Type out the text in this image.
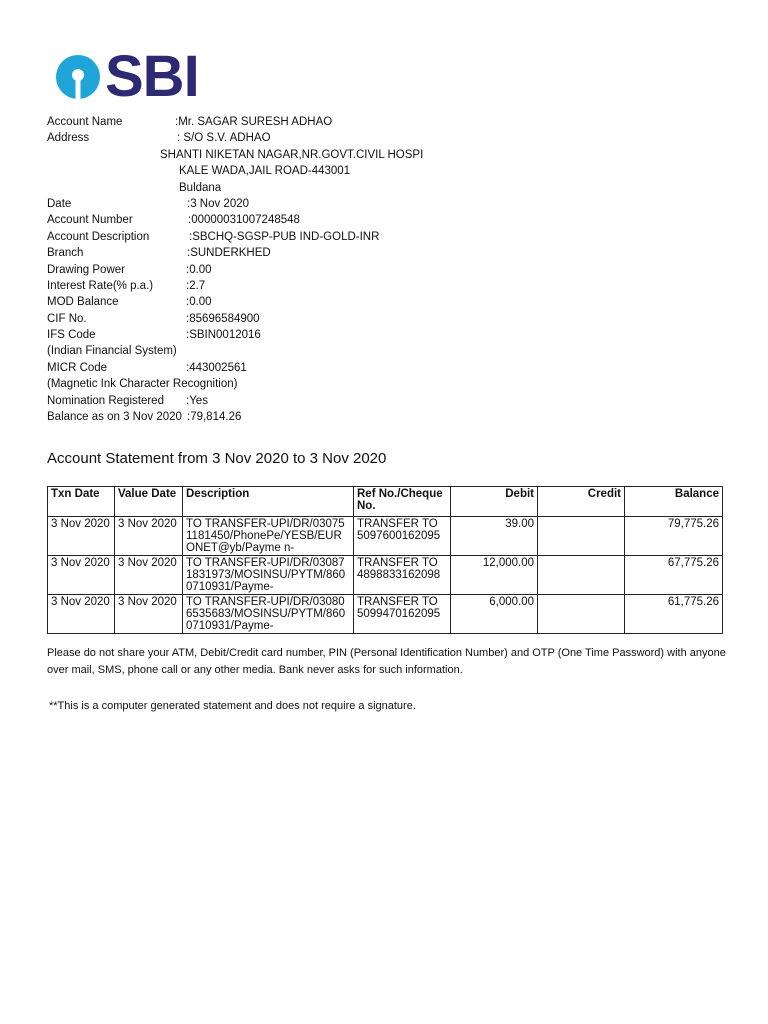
SBI
Account Name	:Mr. SAGAR SURESH ADHAO
Address	: S/O S.V. ADHAO
SHANTI NIKETAN NAGAR,NR.GOVT.CIVIL HOSPI
KALE WADA,JAIL ROAD-443001
Buldana
Date	:3 Nov 2020
Account Number	:00000031007248548
Account Description	:SBCHQ-SGSP-PUB IND-GOLD-INR
Branch	:SUNDERKHED
Drawing Power	:0.00
Interest Rate(% p.a.)	:2.7
MOD Balance	:0.00
CIF No.	:85696584900
IFS Code	:SBIN0012016
(Indian Financial System)
MICR Code	:443002561
(Magnetic Ink Character Recognition)
Nomination Registered :Yes
Balance as on 3 Nov 2020 :79,814.26
Account Statement from 3 Nov 2020 to 3 Nov 2020
Txn Date	Value Date	Description	Ref No./Cheque No.	Debit	Credit	Balance
3 Nov 2020	3 Nov 2020	TO TRANSFER-UPI/DR/030751181450/PhonePe/YESB/EURONET@yb/Payme n-	TRANSFER TO 5097600162095	39.00		79,775.26
3 Nov 2020	3 Nov 2020	TO TRANSFER-UPI/DR/030871831973/MOSINSU/PYTM/8600710931/Payme-	TRANSFER TO 4898833162098	12,000.00		67,775.26
3 Nov 2020	3 Nov 2020	TO TRANSFER-UPI/DR/030806535683/MOSINSU/PYTM/8600710931/Payme-	TRANSFER TO 5099470162095	6,000.00		61,775.26
Please do not share your ATM, Debit/Credit card number, PIN (Personal Identification Number) and OTP (One Time Password) with anyone over mail, SMS, phone call or any other media. Bank never asks for such information.
**This is a computer generated statement and does not require a signature.
